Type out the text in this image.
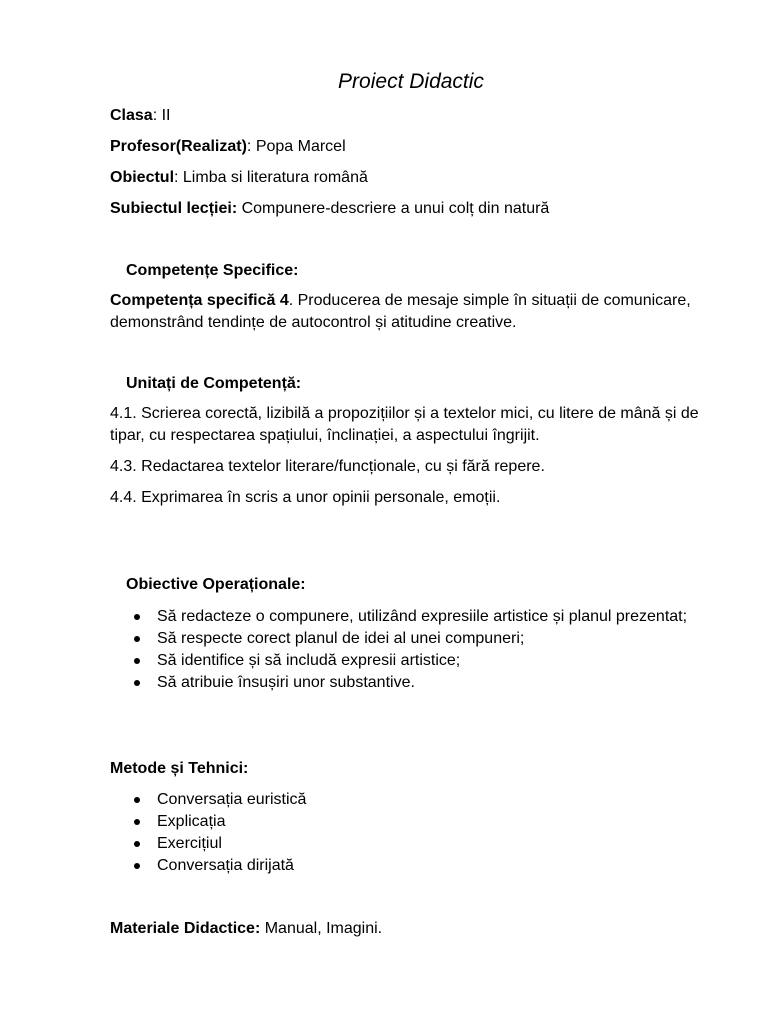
Proiect Didactic
Clasa: II
Profesor(Realizat): Popa Marcel
Obiectul: Limba si literatura română
Subiectul lecției: Compunere-descriere a unui colț din natură
Competențe Specifice:
Competența specifică 4. Producerea de mesaje simple în situații de comunicare, demonstrând tendințe de autocontrol și atitudine creative.
Unitați de Competență:
4.1. Scrierea corectă, lizibilă a propozițiilor și a textelor mici, cu litere de mână și de tipar, cu respectarea spațiului, înclinației, a aspectului îngrijit.
4.3. Redactarea textelor literare/funcționale, cu și fără repere.
4.4. Exprimarea în scris a unor opinii personale, emoții.
Obiective Operaționale:
Să redacteze o compunere, utilizând expresiile artistice și planul prezentat;
Să respecte corect planul de idei al unei compuneri;
Să identifice și să includă expresii artistice;
Să atribuie însușiri unor substantive.
Metode și Tehnici:
Conversația euristică
Explicația
Exercițiul
Conversația dirijată
Materiale Didactice: Manual, Imagini.
